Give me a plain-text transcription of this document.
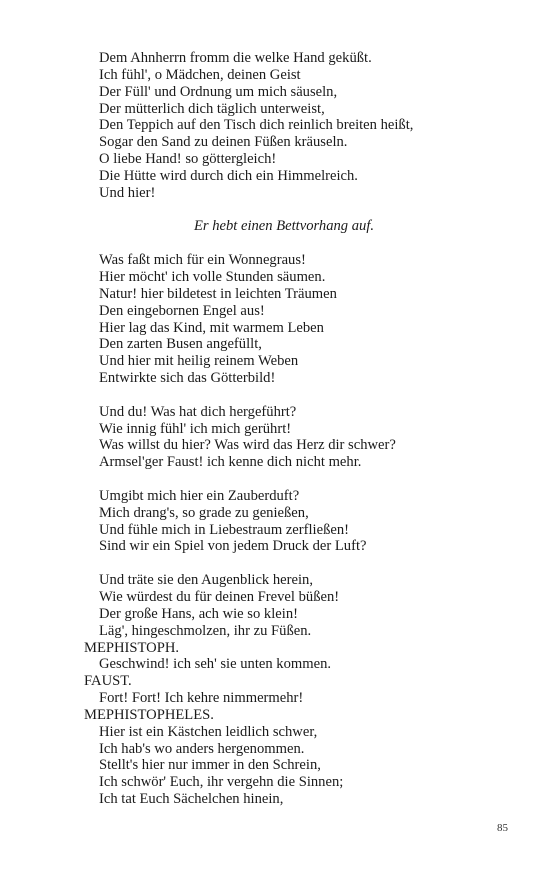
Dem Ahnherrn fromm die welke Hand geküßt.
Ich fühl', o Mädchen, deinen Geist
Der Füll' und Ordnung um mich säuseln,
Der mütterlich dich täglich unterweist,
Den Teppich auf den Tisch dich reinlich breiten heißt,
Sogar den Sand zu deinen Füßen kräuseln.
O liebe Hand! so göttergleich!
Die Hütte wird durch dich ein Himmelreich.
Und hier!
Er hebt einen Bettvorhang auf.
Was faßt mich für ein Wonnegraus!
Hier möcht' ich volle Stunden säumen.
Natur! hier bildetest in leichten Träumen
Den eingebornen Engel aus!
Hier lag das Kind, mit warmem Leben
Den zarten Busen angefüllt,
Und hier mit heilig reinem Weben
Entwirkte sich das Götterbild!
Und du! Was hat dich hergeführt?
Wie innig fühl' ich mich gerührt!
Was willst du hier? Was wird das Herz dir schwer?
Armsel'ger Faust! ich kenne dich nicht mehr.
Umgibt mich hier ein Zauberduft?
Mich drang's, so grade zu genießen,
Und fühle mich in Liebestraum zerfließen!
Sind wir ein Spiel von jedem Druck der Luft?
Und träte sie den Augenblick herein,
Wie würdest du für deinen Frevel büßen!
Der große Hans, ach wie so klein!
Läg', hingeschmolzen, ihr zu Füßen.
MEPHISTOPH.
Geschwind! ich seh' sie unten kommen.
FAUST.
Fort! Fort! Ich kehre nimmermehr!
MEPHISTOPHELES.
Hier ist ein Kästchen leidlich schwer,
Ich hab's wo anders hergenommen.
Stellt's hier nur immer in den Schrein,
Ich schwör' Euch, ihr vergehn die Sinnen;
Ich tat Euch Sächelchen hinein,
85
